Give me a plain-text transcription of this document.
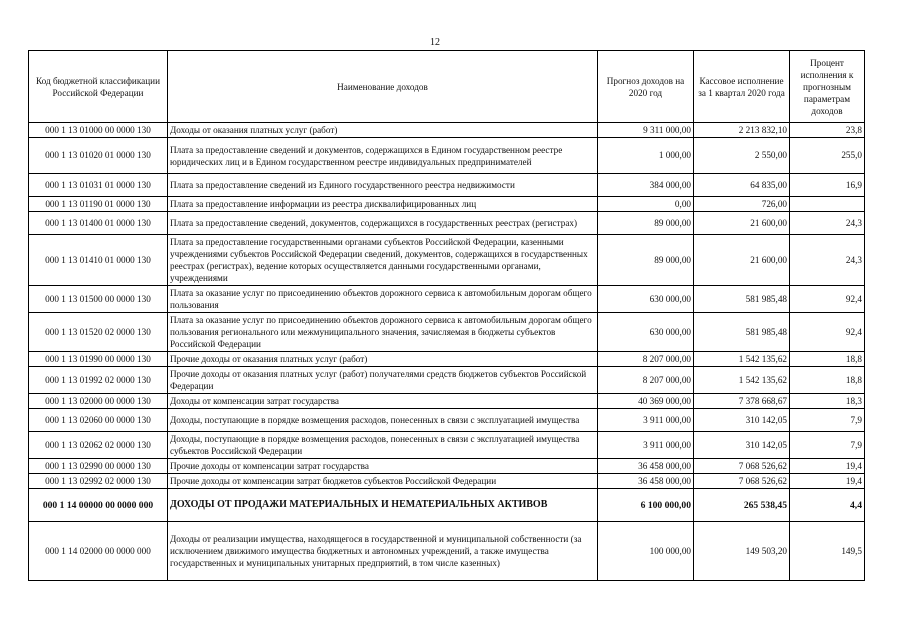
12
Код бюджетной классификации Российской Федерации	Наименование доходов	Прогноз доходов на 2020 год	Кассовое исполнение за 1 квартал 2020 года	Процент исполнения к прогнозным параметрам доходов
000 1 13 01000 00 0000 130	Доходы от оказания платных услуг (работ)	9 311 000,00	2 213 832,10	23,8
000 1 13 01020 01 0000 130	Плата за предоставление сведений и документов, содержащихся в Едином государственном реестре юридических лиц и в Едином государственном реестре индивидуальных предпринимателей	1 000,00	2 550,00	255,0
000 1 13 01031 01 0000 130	Плата за предоставление сведений из Единого государственного реестра недвижимости	384 000,00	64 835,00	16,9
000 1 13 01190 01 0000 130	Плата за предоставление информации из реестра дисквалифицированных лиц	0,00	726,00	
000 1 13 01400 01 0000 130	Плата за предоставление сведений, документов, содержащихся в государственных реестрах (регистрах)	89 000,00	21 600,00	24,3
000 1 13 01410 01 0000 130	Плата за предоставление государственными органами субъектов Российской Федерации, казенными учреждениями субъектов Российской Федерации сведений, документов, содержащихся в государственных реестрах (регистрах), ведение которых осуществляется данными государственными органами, учреждениями	89 000,00	21 600,00	24,3
000 1 13 01500 00 0000 130	Плата за оказание услуг по присоединению объектов дорожного сервиса к автомобильным дорогам общего пользования	630 000,00	581 985,48	92,4
000 1 13 01520 02 0000 130	Плата за оказание услуг по присоединению объектов дорожного сервиса к автомобильным дорогам общего пользования регионального или межмуниципального значения, зачисляемая в бюджеты субъектов Российской Федерации	630 000,00	581 985,48	92,4
000 1 13 01990 00 0000 130	Прочие доходы от оказания платных услуг (работ)	8 207 000,00	1 542 135,62	18,8
000 1 13 01992 02 0000 130	Прочие доходы от оказания платных услуг (работ) получателями средств бюджетов субъектов Российской Федерации	8 207 000,00	1 542 135,62	18,8
000 1 13 02000 00 0000 130	Доходы от компенсации затрат государства	40 369 000,00	7 378 668,67	18,3
000 1 13 02060 00 0000 130	Доходы, поступающие в порядке возмещения расходов, понесенных в связи с эксплуатацией имущества	3 911 000,00	310 142,05	7,9
000 1 13 02062 02 0000 130	Доходы, поступающие в порядке возмещения расходов, понесенных в связи с эксплуатацией имущества субъектов Российской Федерации	3 911 000,00	310 142,05	7,9
000 1 13 02990 00 0000 130	Прочие доходы от компенсации затрат государства	36 458 000,00	7 068 526,62	19,4
000 1 13 02992 02 0000 130	Прочие доходы от компенсации затрат бюджетов субъектов Российской Федерации	36 458 000,00	7 068 526,62	19,4
000 1 14 00000 00 0000 000	ДОХОДЫ ОТ ПРОДАЖИ МАТЕРИАЛЬНЫХ И НЕМАТЕРИАЛЬНЫХ АКТИВОВ	6 100 000,00	265 538,45	4,4
000 1 14 02000 00 0000 000	Доходы от реализации имущества, находящегося в государственной и муниципальной собственности (за исключением движимого имущества бюджетных и автономных учреждений, а также имущества государственных и муниципальных унитарных предприятий, в том числе казенных)	100 000,00	149 503,20	149,5
